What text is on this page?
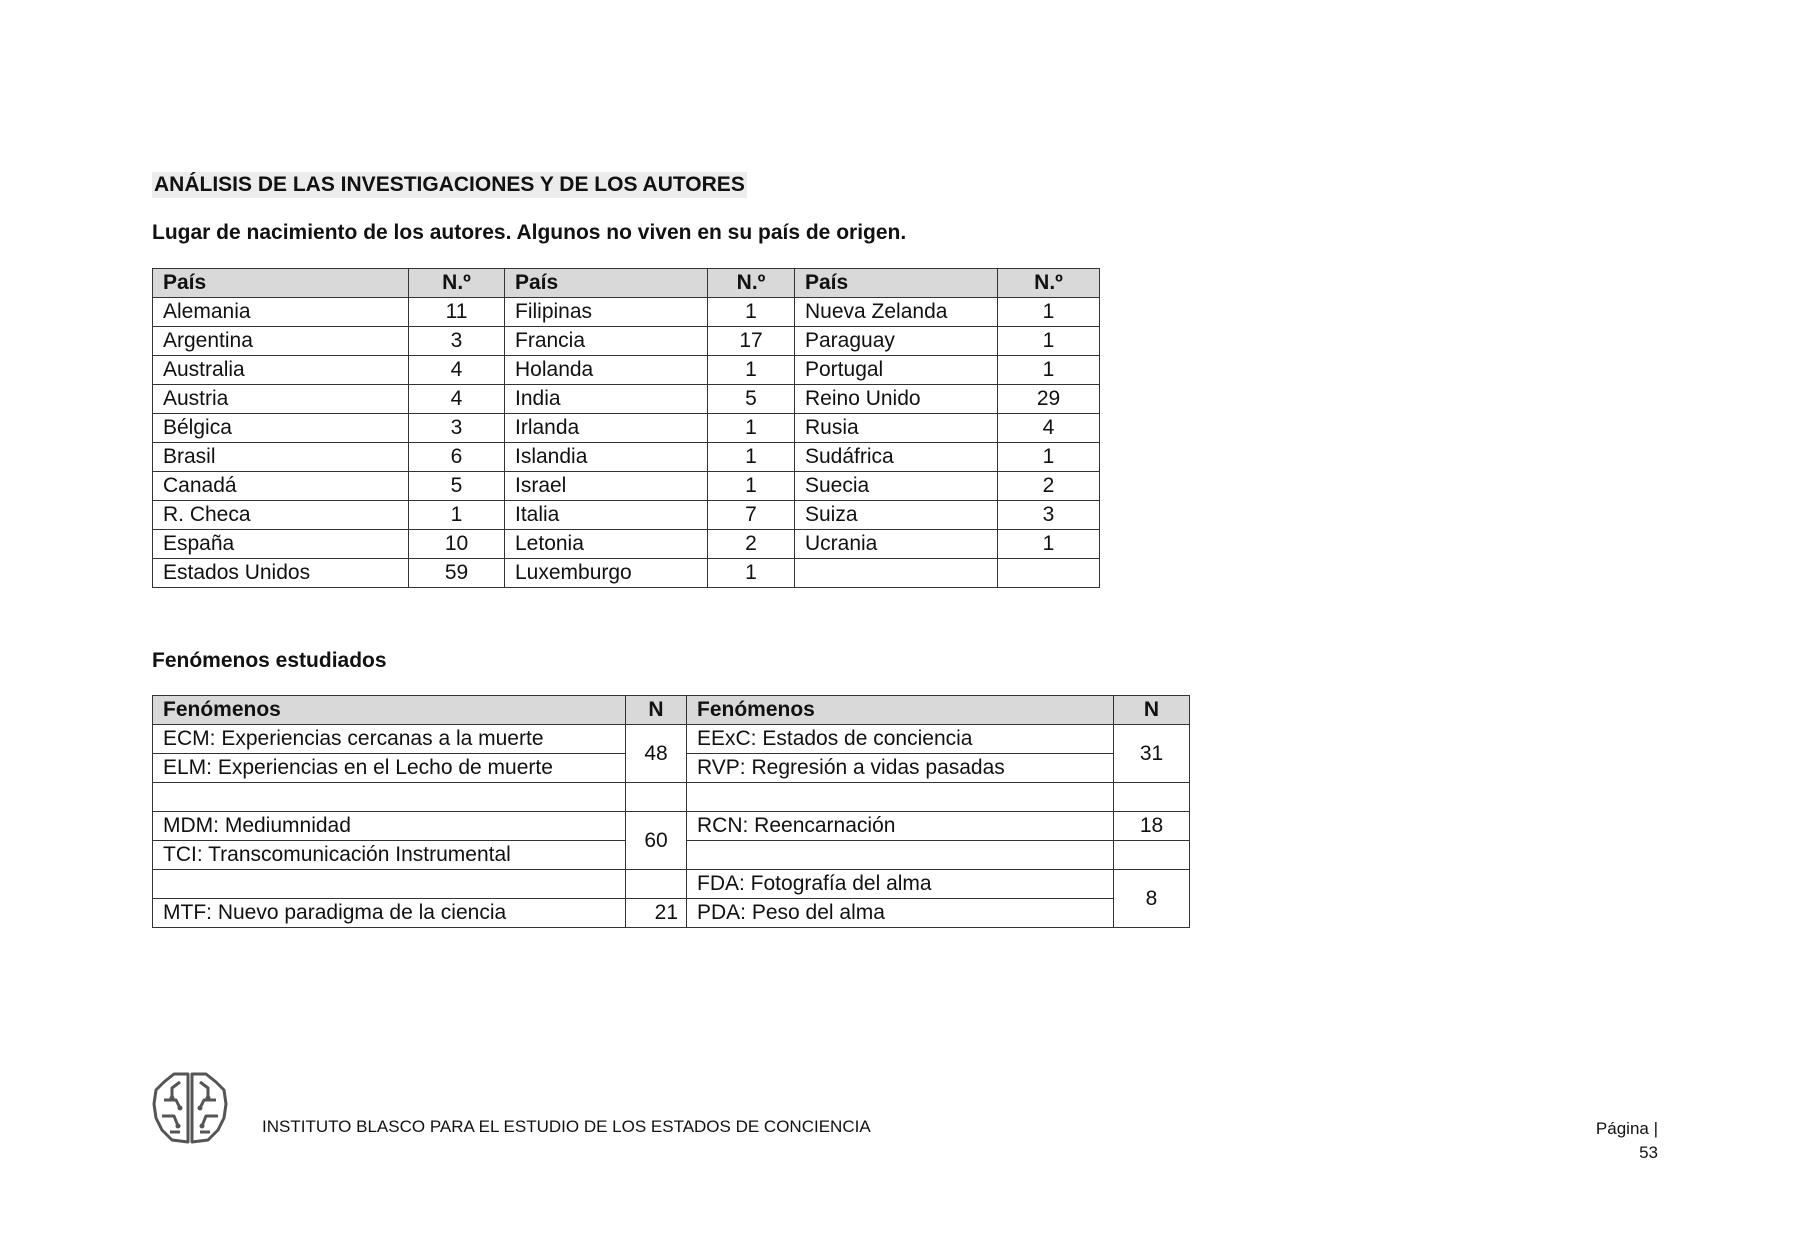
ANÁLISIS DE LAS INVESTIGACIONES Y DE LOS AUTORES
Lugar de nacimiento de los autores. Algunos no viven en su país de origen.
País	N.º	País	N.º	País	N.º
Alemania	11	Filipinas	1	Nueva Zelanda	1
Argentina	3	Francia	17	Paraguay	1
Australia	4	Holanda	1	Portugal	1
Austria	4	India	5	Reino Unido	29
Bélgica	3	Irlanda	1	Rusia	4
Brasil	6	Islandia	1	Sudáfrica	1
Canadá	5	Israel	1	Suecia	2
R. Checa	1	Italia	7	Suiza	3
España	10	Letonia	2	Ucrania	1
Estados Unidos	59	Luxemburgo	1		
Fenómenos estudiados
Fenómenos	N	Fenómenos	N
ECM: Experiencias cercanas a la muerte	48	EExC: Estados de conciencia	31
ELM: Experiencias en el Lecho de muerte		RVP: Regresión a vidas pasadas	

MDM: Mediumnidad	60	RCN: Reencarnación	18
TCI: Transcomunicación Instrumental			
		FDA: Fotografía del alma	8
MTF: Nuevo paradigma de la ciencia	21	PDA: Peso del alma	
INSTITUTO BLASCO PARA EL ESTUDIO DE LOS ESTADOS DE CONCIENCIA	Página |
53
